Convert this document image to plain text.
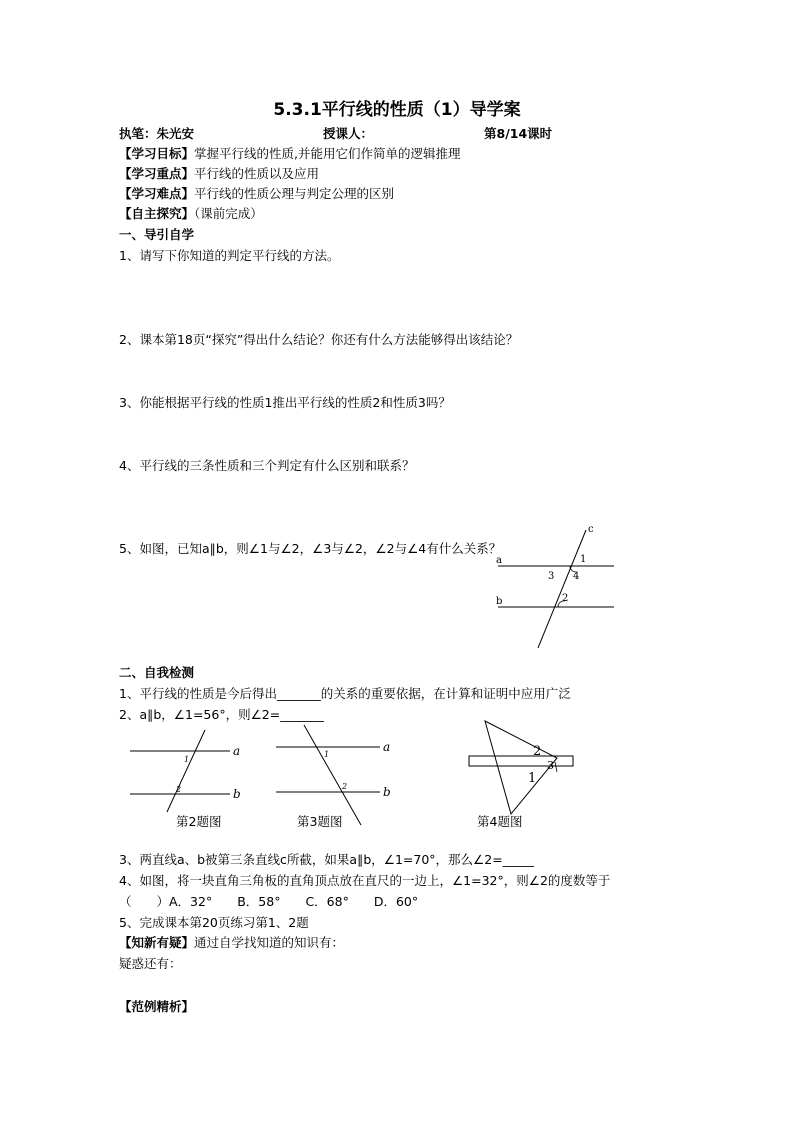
5.3.1平行线的性质（1）导学案
执笔：朱光安	授课人：	第8/14课时
【学习目标】掌握平行线的性质,并能用它们作简单的逻辑推理
【学习重点】平行线的性质以及应用
【学习难点】平行线的性质公理与判定公理的区别
【自主探究】（课前完成）
一、导引自学
1、请写下你知道的判定平行线的方法。
2、课本第18页“探究”得出什么结论？你还有什么方法能够得出该结论？
3、你能根据平行线的性质1推出平行线的性质2和性质3吗？
4、平行线的三条性质和三个判定有什么区别和联系？
5、如图，已知a∥b，则∠1与∠2，∠3与∠2，∠2与∠4有什么关系？
c
a
b
1
3 4
2
二、自我检测
1、平行线的性质是今后得出_______的关系的重要依据，在计算和证明中应用广泛
2、a∥b，∠1=56°，则∠2=_______
a
b
1
2
第2题图
a
b
1
2
第3题图
2
3
1
第4题图
3、两直线a、b被第三条直线c所截，如果a∥b，∠1=70°，那么∠2=_____
4、如图，将一块直角三角板的直角顶点放在直尺的一边上，∠1=32°，则∠2的度数等于
（　　）A．32°　　B．58°　　C．68°　　D．60°
5、完成课本第20页练习第1、2题
【知新有疑】通过自学找知道的知识有：
疑惑还有：
【范例精析】
